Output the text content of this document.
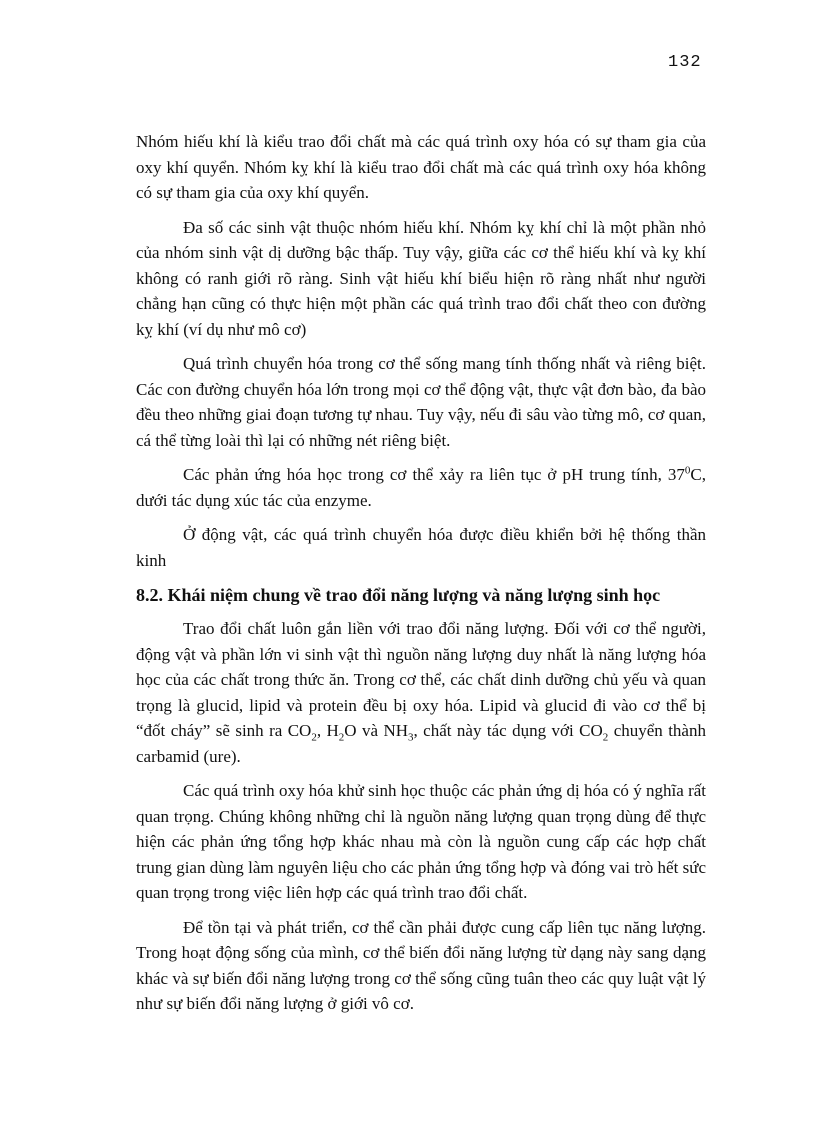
132

Nhóm hiếu khí là kiểu trao đổi chất mà các quá trình oxy hóa có sự tham gia của oxy khí quyển. Nhóm kỵ khí là kiểu trao đổi chất mà các quá trình oxy hóa không có sự tham gia của oxy khí quyển.

Đa số các sinh vật thuộc nhóm hiếu khí. Nhóm kỵ khí chỉ là một phần nhỏ của nhóm sinh vật dị dưỡng bậc thấp. Tuy vậy, giữa các cơ thể hiếu khí và kỵ khí không có ranh giới rõ ràng. Sinh vật hiếu khí biểu hiện rõ ràng nhất như người chẳng hạn cũng có thực hiện một phần các quá trình trao đổi chất theo con đường kỵ khí (ví dụ như mô cơ)

Quá trình chuyển hóa trong cơ thể sống mang tính thống nhất và riêng biệt. Các con đường chuyển hóa lớn trong mọi cơ thể động vật, thực vật đơn bào, đa bào đều theo những giai đoạn tương tự nhau. Tuy vậy, nếu đi sâu vào từng mô, cơ quan, cá thể từng loài thì lại có những nét riêng biệt.

Các phản ứng hóa học trong cơ thể xảy ra liên tục ở pH trung tính, $37^0C$, dưới tác dụng xúc tác của enzyme.

Ở động vật, các quá trình chuyển hóa được điều khiển bởi hệ thống thần kinh

8.2. Khái niệm chung về trao đổi năng lượng và năng lượng sinh học

Trao đổi chất luôn gắn liền với trao đổi năng lượng. Đối với cơ thể người, động vật và phần lớn vi sinh vật thì nguồn năng lượng duy nhất là năng lượng hóa học của các chất trong thức ăn. Trong cơ thể, các chất dinh dưỡng chủ yếu và quan trọng là glucid, lipid và protein đều bị oxy hóa. Lipid và glucid đi vào cơ thể bị “đốt cháy” sẽ sinh ra $CO_2$, $H_2O$ và $NH_3$, chất này tác dụng với $CO_2$ chuyển thành carbamid (ure).

Các quá trình oxy hóa khử sinh học thuộc các phản ứng dị hóa có ý nghĩa rất quan trọng. Chúng không những chỉ là nguồn năng lượng quan trọng dùng để thực hiện các phản ứng tổng hợp khác nhau mà còn là nguồn cung cấp các hợp chất trung gian dùng làm nguyên liệu cho các phản ứng tổng hợp và đóng vai trò hết sức quan trọng trong việc liên hợp các quá trình trao đổi chất.

Để tồn tại và phát triển, cơ thể cần phải được cung cấp liên tục năng lượng. Trong hoạt động sống của mình, cơ thể biến đổi năng lượng từ dạng này sang dạng khác và sự biến đổi năng lượng trong cơ thể sống cũng tuân theo các quy luật vật lý như sự biến đổi năng lượng ở giới vô cơ.
